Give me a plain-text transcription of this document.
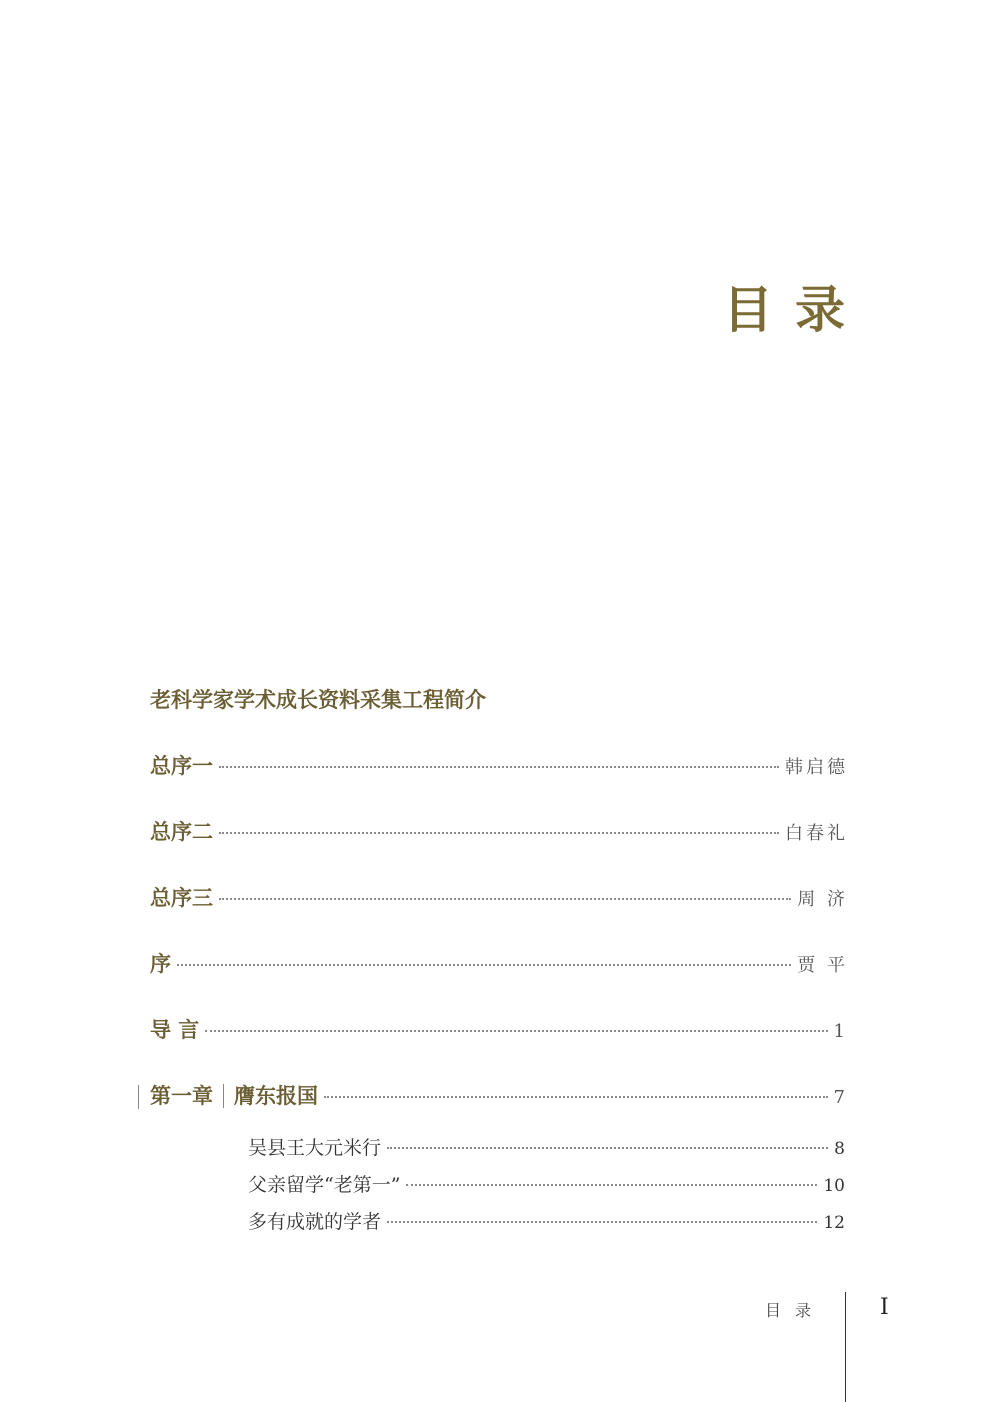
目录
老科学家学术成长资料采集工程简介
总序一	韩启德
总序二	白春礼
总序三	周 济
序	贾 平
导 言	1
第一章 膺东报国	7
吴县王大元米行	8
父亲留学“老第一”	10
多有成就的学者	12
目录 I
